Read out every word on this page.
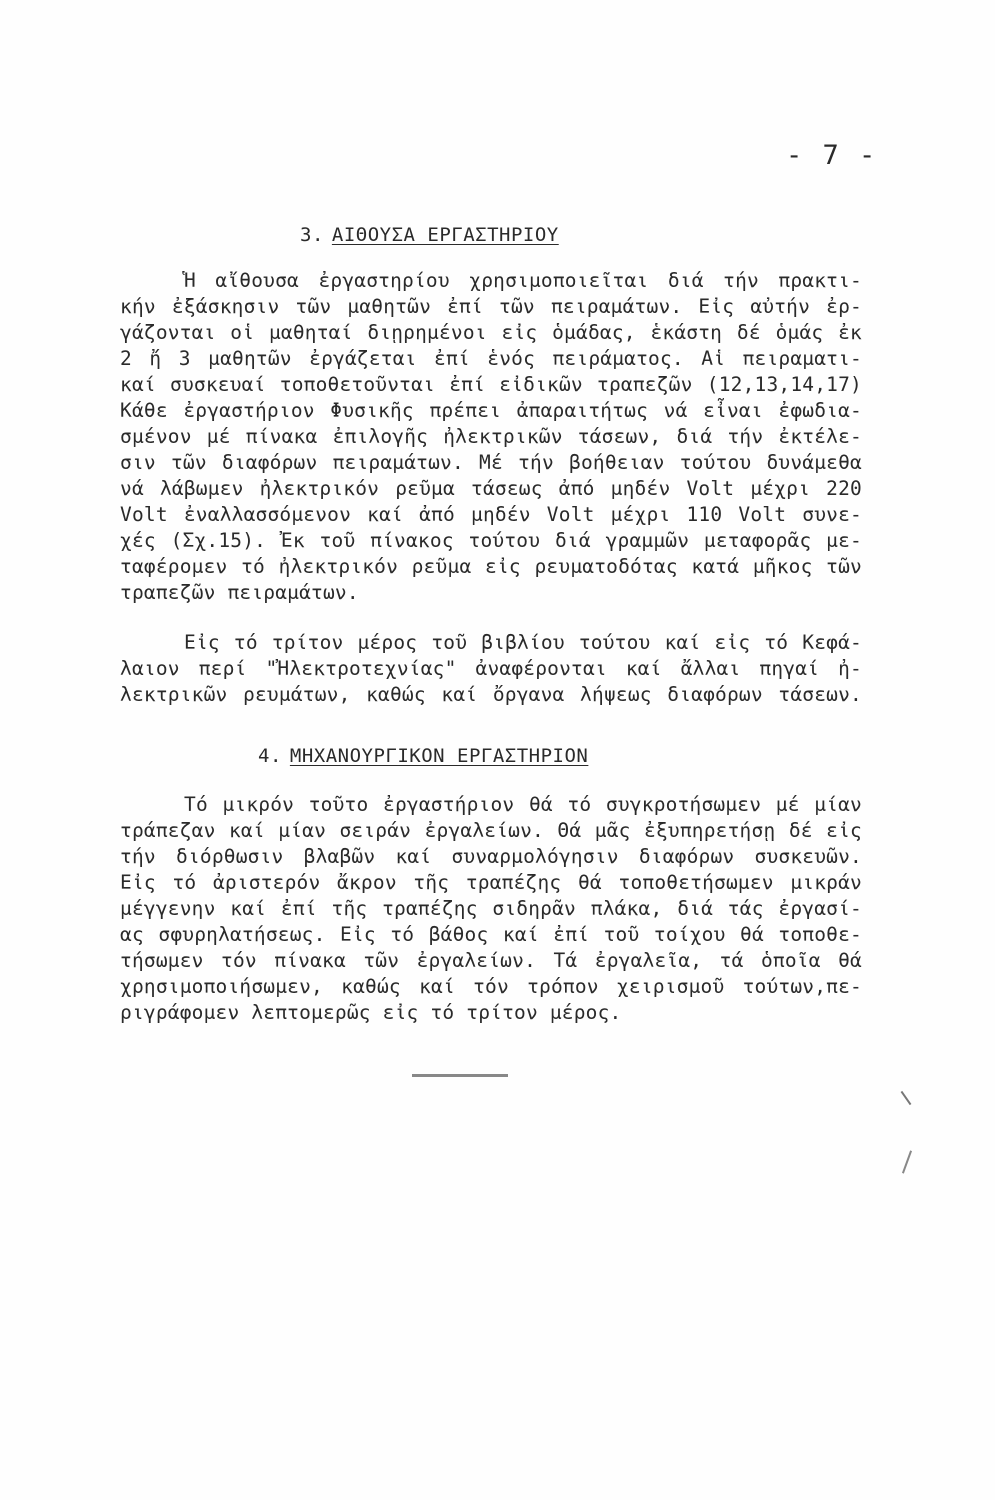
- 7 -
3. ΑΙΘΟΥΣΑ ΕΡΓΑΣΤΗΡΙΟΥ
Ἡ αἴθουσα ἐργαστηρίου χρησιμοποιεῖται διά τήν πρακτι-
κήν ἐξάσκησιν τῶν μαθητῶν ἐπί τῶν πειραμάτων. Εἰς αὐτήν ἐρ-
γάζονται οἱ μαθηταί διῃρημένοι εἰς ὁμάδας, ἑκάστη δέ ὁμάς ἐκ
2 ἤ 3 μαθητῶν ἐργάζεται ἐπί ἑνός πειράματος. Αἱ πειραματι-
καί συσκευαί τοποθετοῦνται ἐπί εἰδικῶν τραπεζῶν (12,13,14,17)
Κάθε ἐργαστήριον Φυσικῆς πρέπει ἀπαραιτήτως νά εἶναι ἐφωδια-
σμένον μέ πίνακα ἐπιλογῆς ἠλεκτρικῶν τάσεων, διά τήν ἐκτέλε-
σιν τῶν διαφόρων πειραμάτων. Μέ τήν βοήθειαν τούτου δυνάμεθα
νά λάβωμεν ἠλεκτρικόν ρεῦμα τάσεως ἀπό μηδέν Volt μέχρι 220
Volt ἐναλλασσόμενον καί ἀπό μηδέν Volt μέχρι 110 Volt συνε-
χές (Σχ.15). Ἐκ τοῦ πίνακος τούτου διά γραμμῶν μεταφορᾶς με-
ταφέρομεν τό ἠλεκτρικόν ρεῦμα εἰς ρευματοδότας κατά μῆκος τῶν
τραπεζῶν πειραμάτων.
Εἰς τό τρίτον μέρος τοῦ βιβλίου τούτου καί εἰς τό Κεφά-
λαιον περί "Ἠλεκτροτεχνίας" ἀναφέρονται καί ἄλλαι πηγαί ἠ-
λεκτρικῶν ρευμάτων, καθώς καί ὄργανα λήψεως διαφόρων τάσεων.
4. ΜΗΧΑΝΟΥΡΓΙΚΟΝ ΕΡΓΑΣΤΗΡΙΟΝ
Τό μικρόν τοῦτο ἐργαστήριον θά τό συγκροτήσωμεν μέ μίαν
τράπεζαν καί μίαν σειράν ἐργαλείων. Θά μᾶς ἐξυπηρετήσῃ δέ εἰς
τήν διόρθωσιν βλαβῶν καί συναρμολόγησιν διαφόρων συσκευῶν.
Εἰς τό ἀριστερόν ἄκρον τῆς τραπέζης θά τοποθετήσωμεν μικράν
μέγγενην καί ἐπί τῆς τραπέζης σιδηρᾶν πλάκα, διά τάς ἐργασί-
ας σφυρηλατήσεως. Εἰς τό βάθος καί ἐπί τοῦ τοίχου θά τοποθε-
τήσωμεν τόν πίνακα τῶν ἐργαλείων. Τά ἐργαλεῖα, τά ὁποῖα θά
χρησιμοποιήσωμεν, καθώς καί τόν τρόπον χειρισμοῦ τούτων,πε-
ριγράφομεν λεπτομερῶς εἰς τό τρίτον μέρος.
